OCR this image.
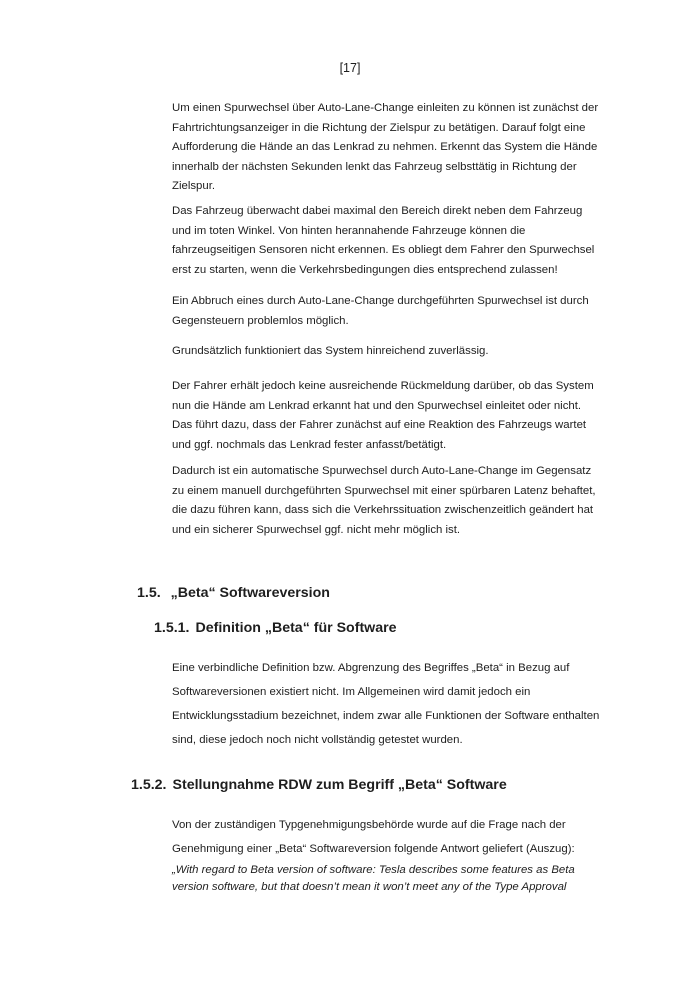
[17]

Um einen Spurwechsel über Auto-Lane-Change einleiten zu können ist zunächst der Fahrtrichtungsanzeiger in die Richtung der Zielspur zu betätigen. Darauf folgt eine Aufforderung die Hände an das Lenkrad zu nehmen. Erkennt das System die Hände innerhalb der nächsten Sekunden lenkt das Fahrzeug selbsttätig in Richtung der Zielspur.

Das Fahrzeug überwacht dabei maximal den Bereich direkt neben dem Fahrzeug und im toten Winkel. Von hinten herannahende Fahrzeuge können die fahrzeugseitigen Sensoren nicht erkennen. Es obliegt dem Fahrer den Spurwechsel erst zu starten, wenn die Verkehrsbedingungen dies entsprechend zulassen!

Ein Abbruch eines durch Auto-Lane-Change durchgeführten Spurwechsel ist durch Gegensteuern problemlos möglich.

Grundsätzlich funktioniert das System hinreichend zuverlässig.

Der Fahrer erhält jedoch keine ausreichende Rückmeldung darüber, ob das System nun die Hände am Lenkrad erkannt hat und den Spurwechsel einleitet oder nicht. Das führt dazu, dass der Fahrer zunächst auf eine Reaktion des Fahrzeugs wartet und ggf. nochmals das Lenkrad fester anfasst/betätigt.

Dadurch ist ein automatische Spurwechsel durch Auto-Lane-Change im Gegensatz zu einem manuell durchgeführten Spurwechsel mit einer spürbaren Latenz behaftet, die dazu führen kann, dass sich die Verkehrssituation zwischenzeitlich geändert hat und ein sicherer Spurwechsel ggf. nicht mehr möglich ist.

1.5. „Beta“ Softwareversion
1.5.1. Definition „Beta“ für Software

Eine verbindliche Definition bzw. Abgrenzung des Begriffes „Beta“ in Bezug auf Softwareversionen existiert nicht. Im Allgemeinen wird damit jedoch ein Entwicklungsstadium bezeichnet, indem zwar alle Funktionen der Software enthalten sind, diese jedoch noch nicht vollständig getestet wurden.

1.5.2. Stellungnahme RDW zum Begriff „Beta“ Software

Von der zuständigen Typgenehmigungsbehörde wurde auf die Frage nach der Genehmigung einer „Beta“ Softwareversion folgende Antwort geliefert (Auszug):

„With regard to Beta version of software: Tesla describes some features as Beta version software, but that doesn’t mean it won’t meet any of the Type Approval
